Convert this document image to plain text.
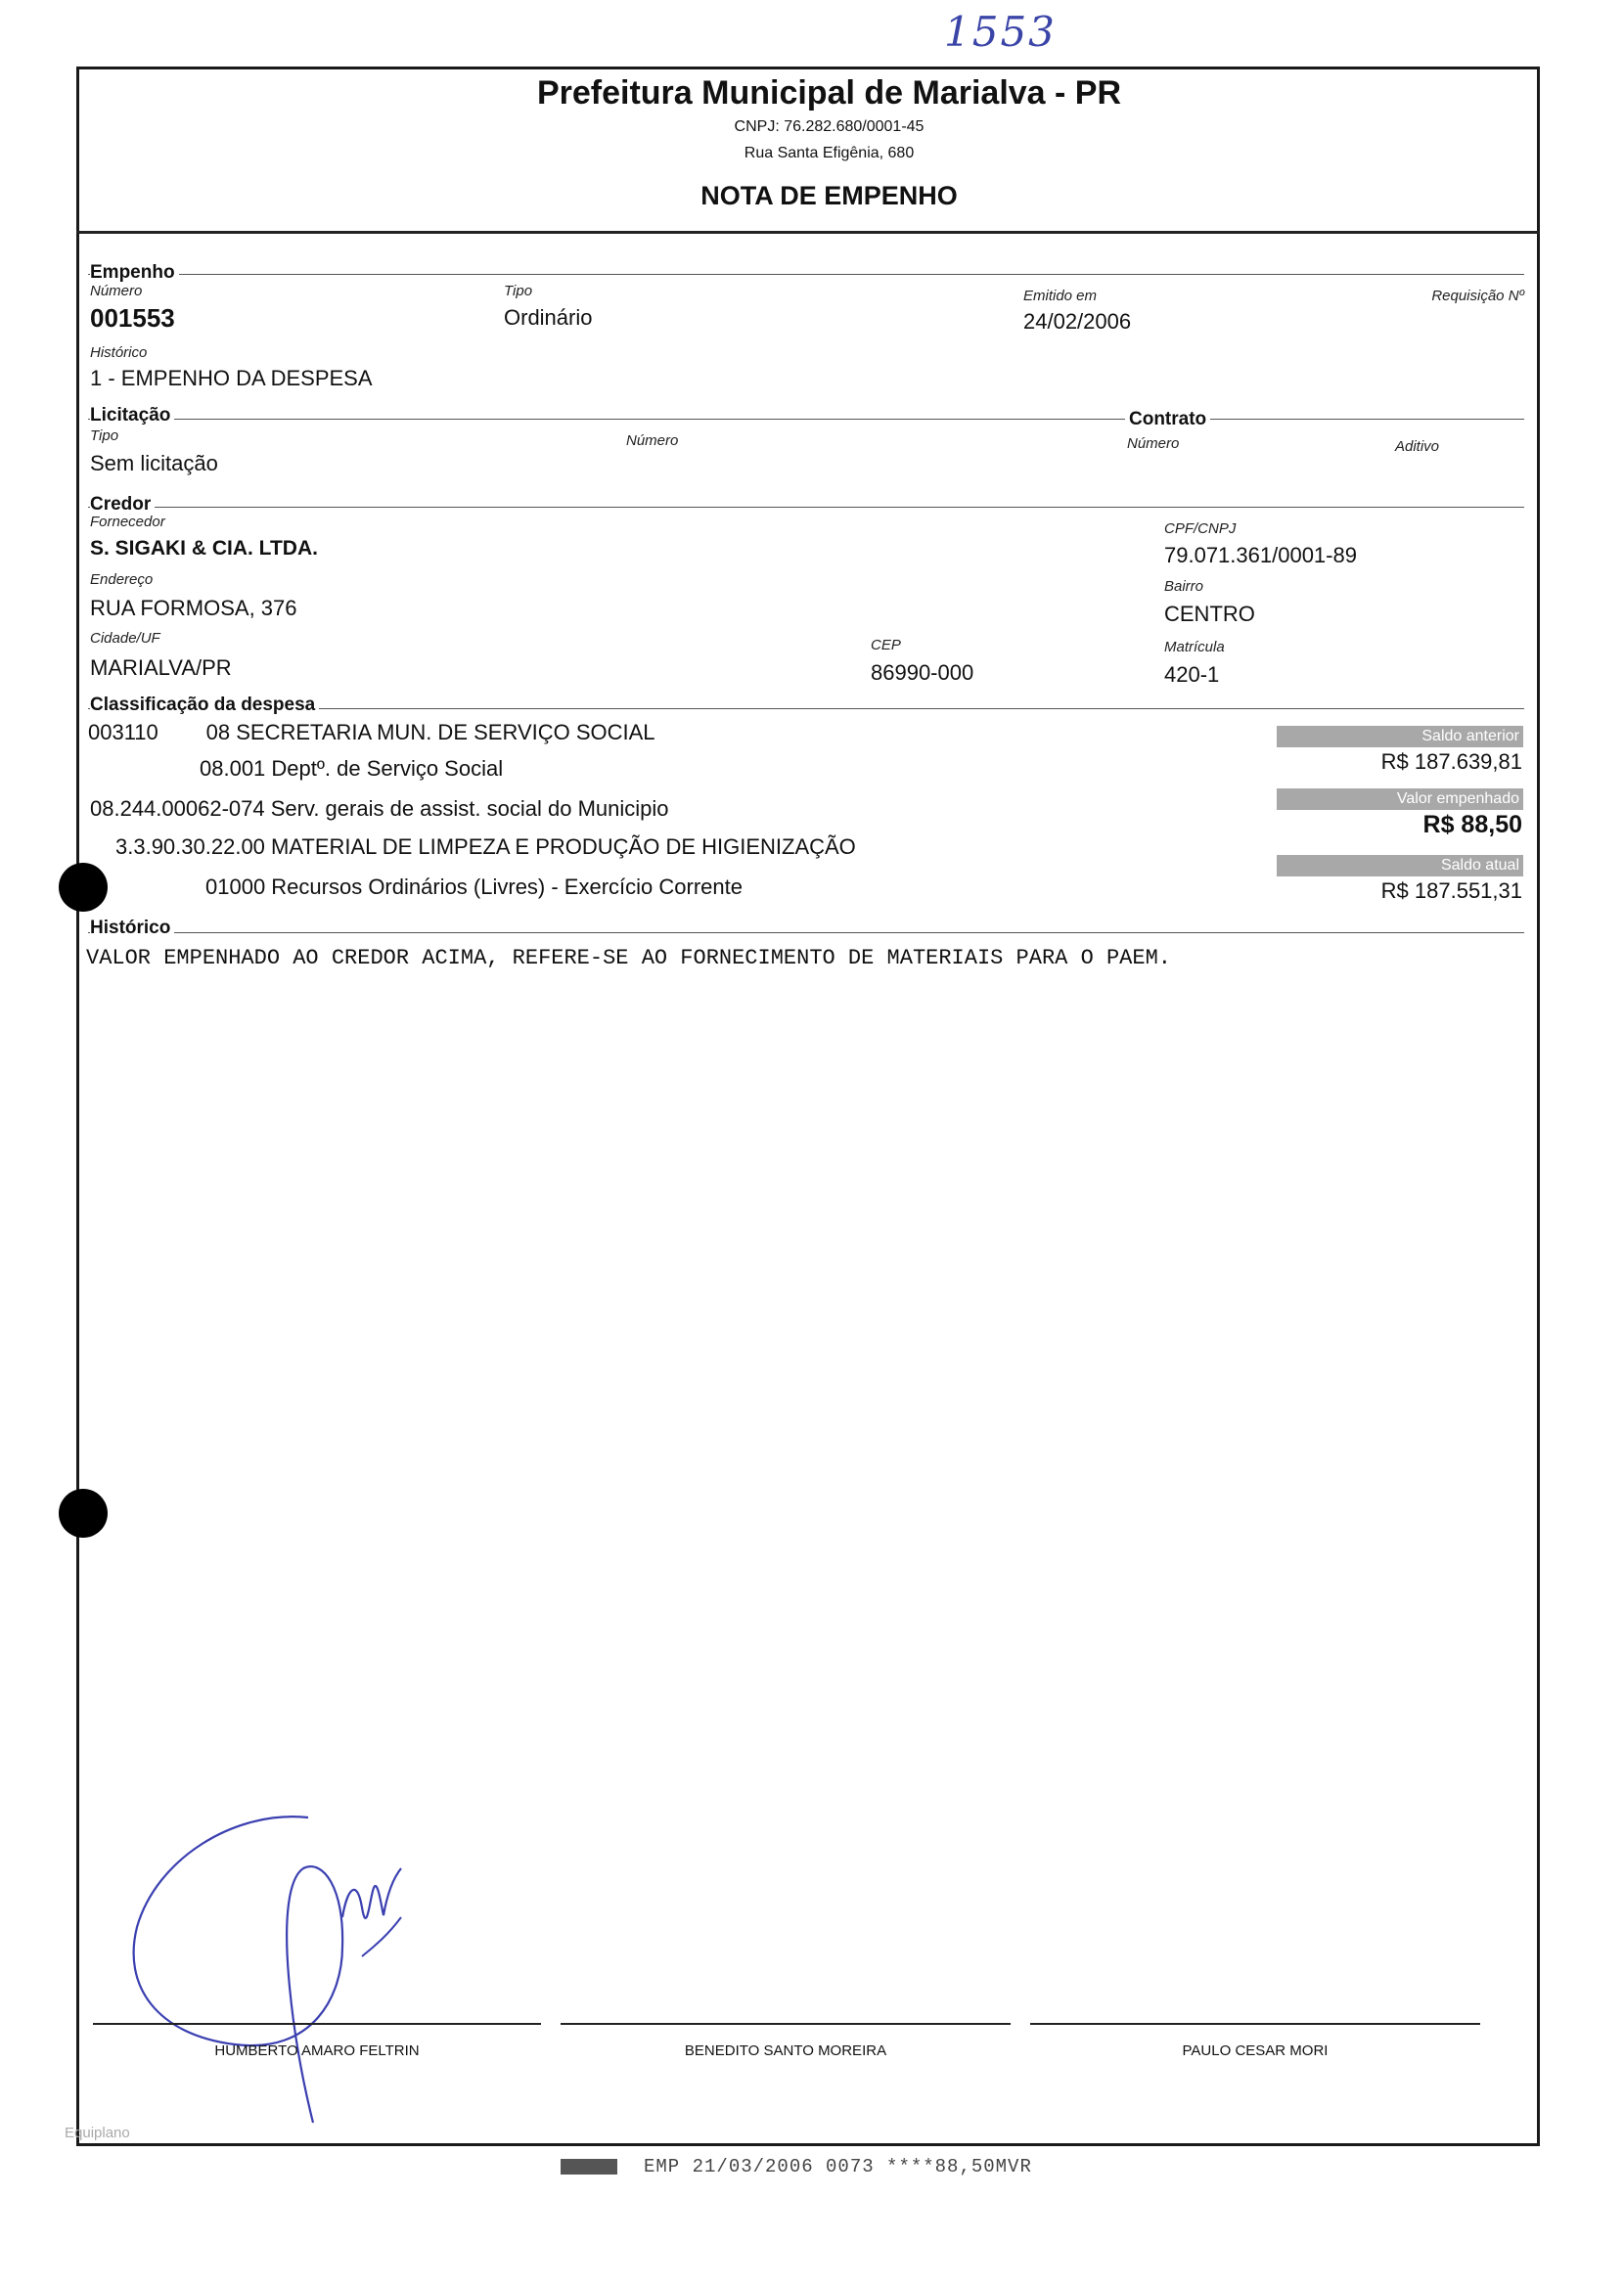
1553
Prefeitura Municipal de Marialva - PR
CNPJ: 76.282.680/0001-45
Rua Santa Efigênia, 680
NOTA DE EMPENHO
Empenho
Número
001553
Tipo
Ordinário
Emitido em
24/02/2006
Requisição Nº
Histórico
1 - EMPENHO DA DESPESA
Licitação
Tipo
Sem licitação
Número
Contrato
Número	Aditivo
Credor
Fornecedor
S. SIGAKI & CIA. LTDA.
CPF/CNPJ
79.071.361/0001-89
Endereço
RUA FORMOSA, 376
Bairro
CENTRO
Cidade/UF
MARIALVA/PR
CEP
86990-000
Matrícula
420-1
Classificação da despesa
003110        08 SECRETARIA MUN. DE SERVIÇO SOCIAL
08.001 Deptº. de Serviço Social
08.244.00062-074 Serv. gerais de assist. social do Municipio
3.3.90.30.22.00 MATERIAL DE LIMPEZA E PRODUÇÃO DE HIGIENIZAÇÃO
01000 Recursos Ordinários (Livres) - Exercício Corrente
Saldo anterior
R$ 187.639,81
Valor empenhado
R$ 88,50
Saldo atual
R$ 187.551,31
Histórico
VALOR EMPENHADO AO CREDOR ACIMA, REFERE-SE AO FORNECIMENTO DE MATERIAIS PARA O PAEM.
HUMBERTO AMARO FELTRIN	BENEDITO SANTO MOREIRA	PAULO CESAR MORI
Equiplano
EMP 21/03/2006 0073 ****88,50MVR
